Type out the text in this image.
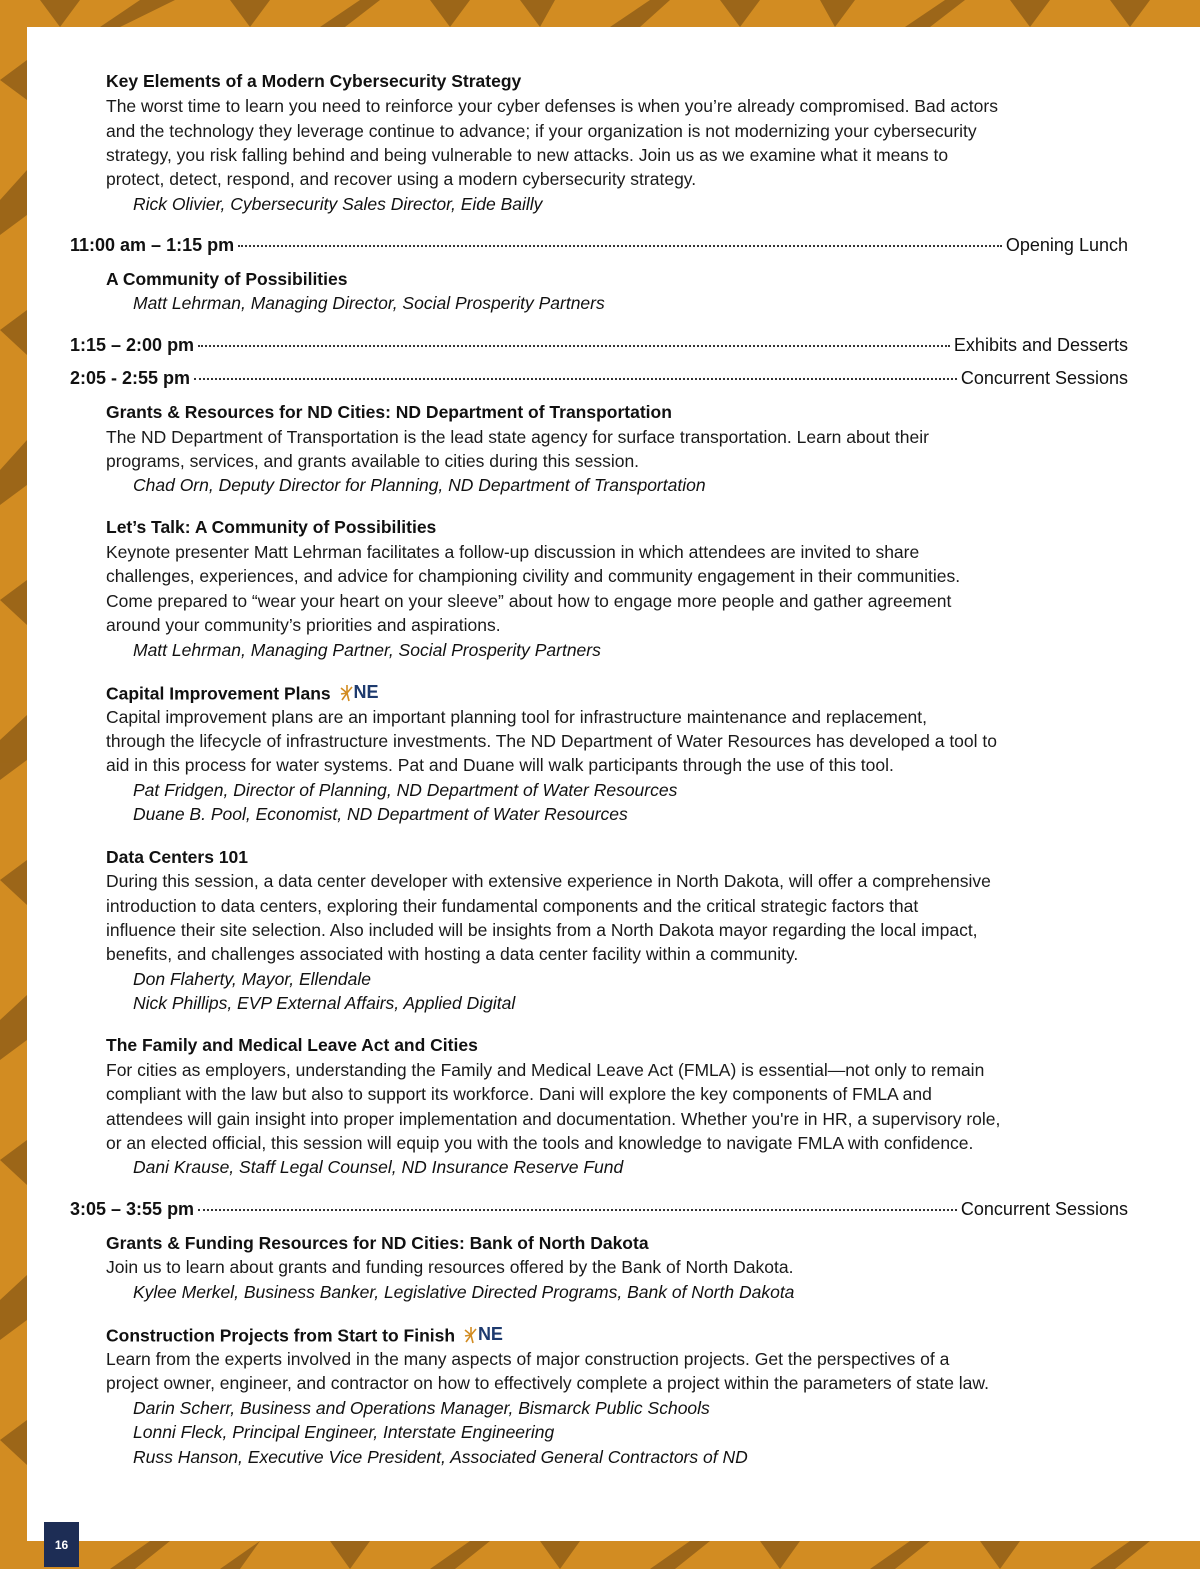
Key Elements of a Modern Cybersecurity Strategy
The worst time to learn you need to reinforce your cyber defenses is when you’re already compromised. Bad actors
and the technology they leverage continue to advance; if your organization is not modernizing your cybersecurity
strategy, you risk falling behind and being vulnerable to new attacks. Join us as we examine what it means to
protect, detect, respond, and recover using a modern cybersecurity strategy.
Rick Olivier, Cybersecurity Sales Director, Eide Bailly
11:00 am – 1:15 pm	Opening Lunch
A Community of Possibilities
Matt Lehrman, Managing Director, Social Prosperity Partners
1:15 – 2:00 pm	Exhibits and Desserts
2:05 - 2:55 pm	Concurrent Sessions
Grants & Resources for ND Cities: ND Department of Transportation
The ND Department of Transportation is the lead state agency for surface transportation. Learn about their
programs, services, and grants available to cities during this session.
Chad Orn, Deputy Director for Planning, ND Department of Transportation
Let’s Talk: A Community of Possibilities
Keynote presenter Matt Lehrman facilitates a follow-up discussion in which attendees are invited to share
challenges, experiences, and advice for championing civility and community engagement in their communities.
Come prepared to “wear your heart on your sleeve” about how to engage more people and gather agreement
around your community’s priorities and aspirations.
Matt Lehrman, Managing Partner, Social Prosperity Partners
Capital Improvement Plans NE
Capital improvement plans are an important planning tool for infrastructure maintenance and replacement,
through the lifecycle of infrastructure investments. The ND Department of Water Resources has developed a tool to
aid in this process for water systems. Pat and Duane will walk participants through the use of this tool.
Pat Fridgen, Director of Planning, ND Department of Water Resources
Duane B. Pool, Economist, ND Department of Water Resources
Data Centers 101
During this session, a data center developer with extensive experience in North Dakota, will offer a comprehensive
introduction to data centers, exploring their fundamental components and the critical strategic factors that
influence their site selection. Also included will be insights from a North Dakota mayor regarding the local impact,
benefits, and challenges associated with hosting a data center facility within a community.
Don Flaherty, Mayor, Ellendale
Nick Phillips, EVP External Affairs, Applied Digital
The Family and Medical Leave Act and Cities
For cities as employers, understanding the Family and Medical Leave Act (FMLA) is essential—not only to remain
compliant with the law but also to support its workforce. Dani will explore the key components of FMLA and
attendees will gain insight into proper implementation and documentation. Whether you're in HR, a supervisory role,
or an elected official, this session will equip you with the tools and knowledge to navigate FMLA with confidence.
Dani Krause, Staff Legal Counsel, ND Insurance Reserve Fund
3:05 – 3:55 pm	Concurrent Sessions
Grants & Funding Resources for ND Cities: Bank of North Dakota
Join us to learn about grants and funding resources offered by the Bank of North Dakota.
Kylee Merkel, Business Banker, Legislative Directed Programs, Bank of North Dakota
Construction Projects from Start to Finish NE
Learn from the experts involved in the many aspects of major construction projects. Get the perspectives of a
project owner, engineer, and contractor on how to effectively complete a project within the parameters of state law.
Darin Scherr, Business and Operations Manager, Bismarck Public Schools
Lonni Fleck, Principal Engineer, Interstate Engineering
Russ Hanson, Executive Vice President, Associated General Contractors of ND
16
